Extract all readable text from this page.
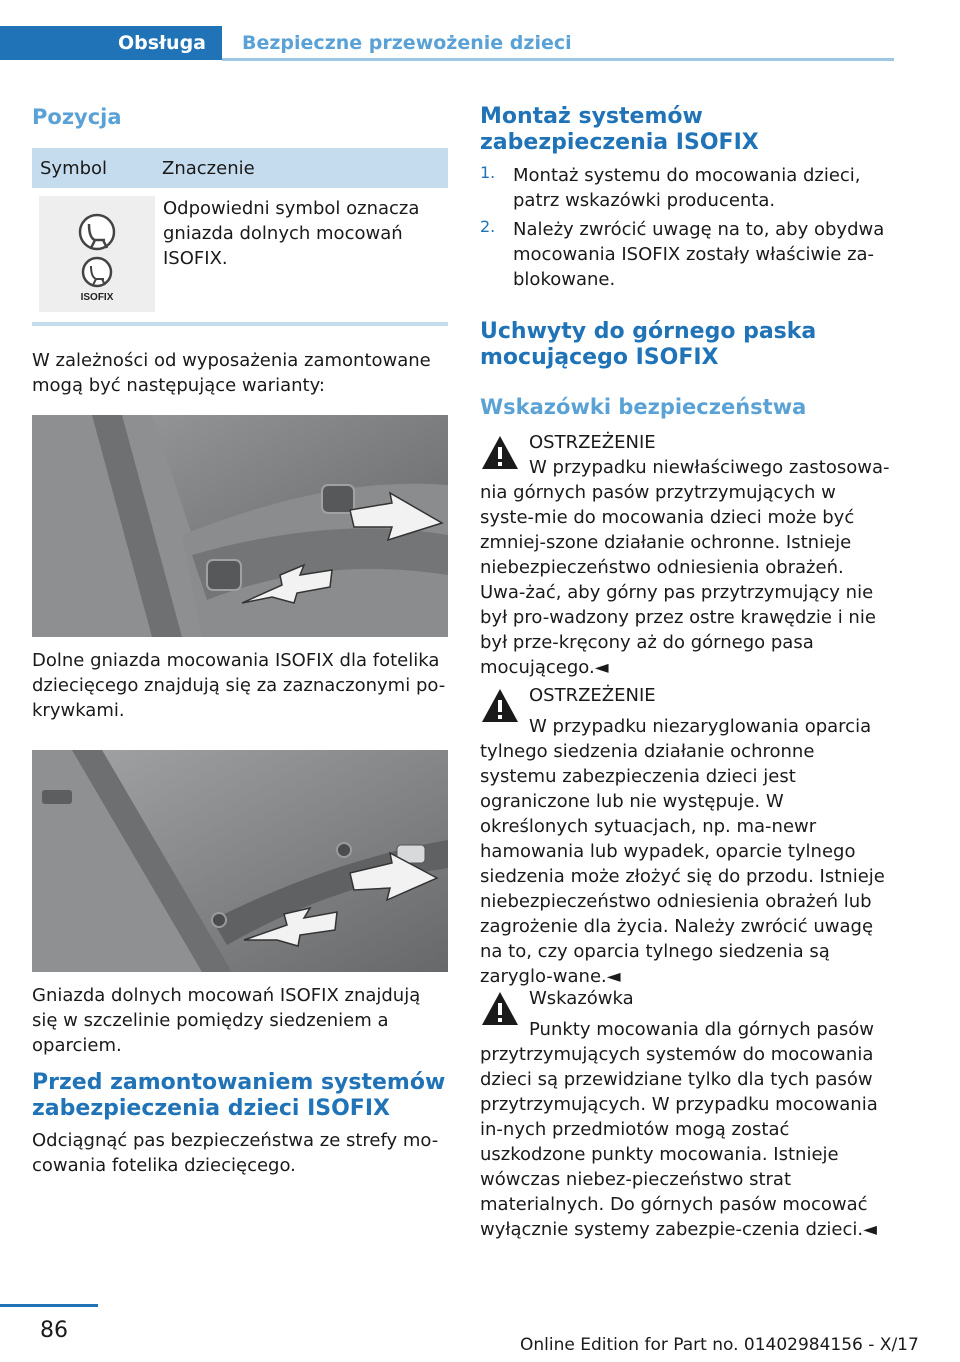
Obsługa Bezpieczne przewożenie dzieci
Pozycja
Symbol	Znaczenie
ISOFIX

Odpowiedni symbol oznacza gniazda dolnych mocowań ISOFIX.

W zależności od wyposażenia zamontowane mogą być następujące warianty:

Dolne gniazda mocowania ISOFIX dla fotelika dziecięcego znajdują się za zaznaczonymi po-krywkami.

Gniazda dolnych mocowań ISOFIX znajdują się w szczelinie pomiędzy siedzeniem a oparciem.

Przed zamontowaniem systemów zabezpieczenia dzieci ISOFIX

Odciągnąć pas bezpieczeństwa ze strefy mo-cowania fotelika dziecięcego.

Montaż systemów zabezpieczenia ISOFIX
1. Montaż systemu do mocowania dzieci, patrz wskazówki producenta.

2. Należy zwrócić uwagę na to, aby obydwa mocowania ISOFIX zostały właściwie za-blokowane.

Uchwyty do górnego paska mocującego ISOFIX
Wskazówki bezpieczeństwa
OSTRZEŻENIE

W przypadku niewłaściwego zastosowa-nia górnych pasów przytrzymujących w syste-mie do mocowania dzieci może być zmniej-szone działanie ochronne. Istnieje niebezpieczeństwo odniesienia obrażeń. Uwa-żać, aby górny pas przytrzymujący nie był pro-wadzony przez ostre krawędzie i nie był prze-kręcony aż do górnego pasa mocującego.◄

OSTRZEŻENIE

W przypadku niezaryglowania oparcia tylnego siedzenia działanie ochronne systemu zabezpieczenia dzieci jest ograniczone lub nie występuje. W określonych sytuacjach, np. ma-newr hamowania lub wypadek, oparcie tylnego siedzenia może złożyć się do przodu. Istnieje niebezpieczeństwo odniesienia obrażeń lub zagrożenie dla życia. Należy zwrócić uwagę na to, czy oparcia tylnego siedzenia są zaryglo-wane.◄

Wskazówka

Punkty mocowania dla górnych pasów przytrzymujących systemów do mocowania dzieci są przewidziane tylko dla tych pasów przytrzymujących. W przypadku mocowania in-nych przedmiotów mogą zostać uszkodzone punkty mocowania. Istnieje wówczas niebez-pieczeństwo strat materialnych. Do górnych pasów mocować wyłącznie systemy zabezpie-czenia dzieci.◄

86
Online Edition for Part no. 01402984156 - X/17
